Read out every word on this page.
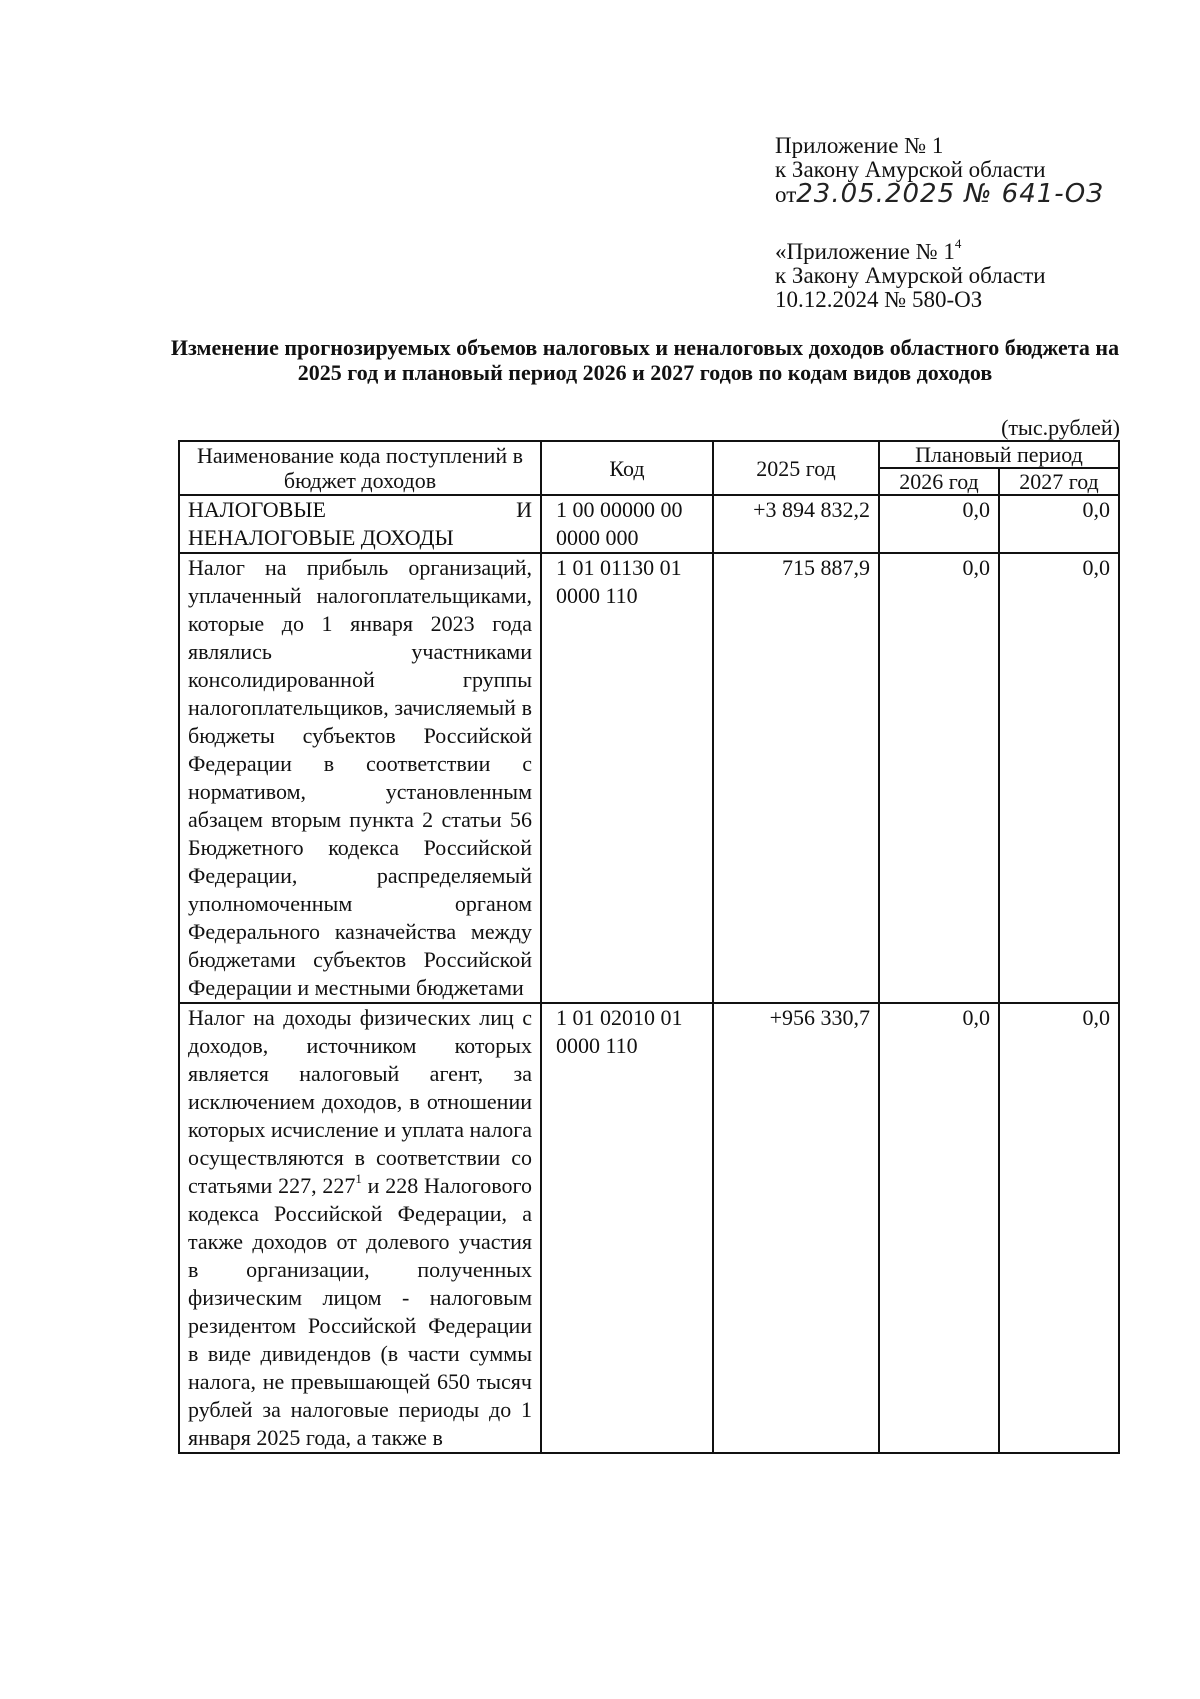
Приложение № 1
к Закону Амурской области
от23.05.2025 № 641-ОЗ
«Приложение № $1^4$
к Закону Амурской области
10.12.2024 № 580-ОЗ
Изменение прогнозируемых объемов налоговых и неналоговых доходов областного бюджета на 2025 год и плановый период 2026 и 2027 годов по кодам видов доходов
(тыс.рублей)
Наименование кода поступлений в бюджет доходов	Код	2025 год	Плановый период	
			2026 год	2027 год
НАЛОГОВЫЕ И

НЕНАЛОГОВЫЕ ДОХОДЫ	1 00 00000 00 0000 000	+3 894 832,2	0,0	0,0
Налог на прибыль организаций, уплаченный налогоплательщиками, которые до 1 января 2023 года являлись участниками консолидированной группы налогоплательщиков, зачисляемый в бюджеты субъектов Российской Федерации в соответствии с нормативом, установленным абзацем вторым пункта 2 статьи 56 Бюджетного кодекса Российской Федерации, распределяемый уполномоченным органом Федерального казначейства между бюджетами субъектов Российской Федерации и местными бюджетами	1 01 01130 01 0000 110	715 887,9	0,0	0,0
Налог на доходы физических лиц с доходов, источником которых является налоговый агент, за исключением доходов, в отношении которых исчисление и уплата налога осуществляются в соответствии со статьями 227, $227^1$ и 228 Налогового кодекса Российской Федерации, а также доходов от долевого участия в организации, полученных физическим лицом - налоговым резидентом Российской Федерации в виде дивидендов (в части суммы налога, не превышающей 650 тысяч рублей за налоговые периоды до 1 января 2025 года, а также в	1 01 02010 01 0000 110	+956 330,7	0,0	0,0
